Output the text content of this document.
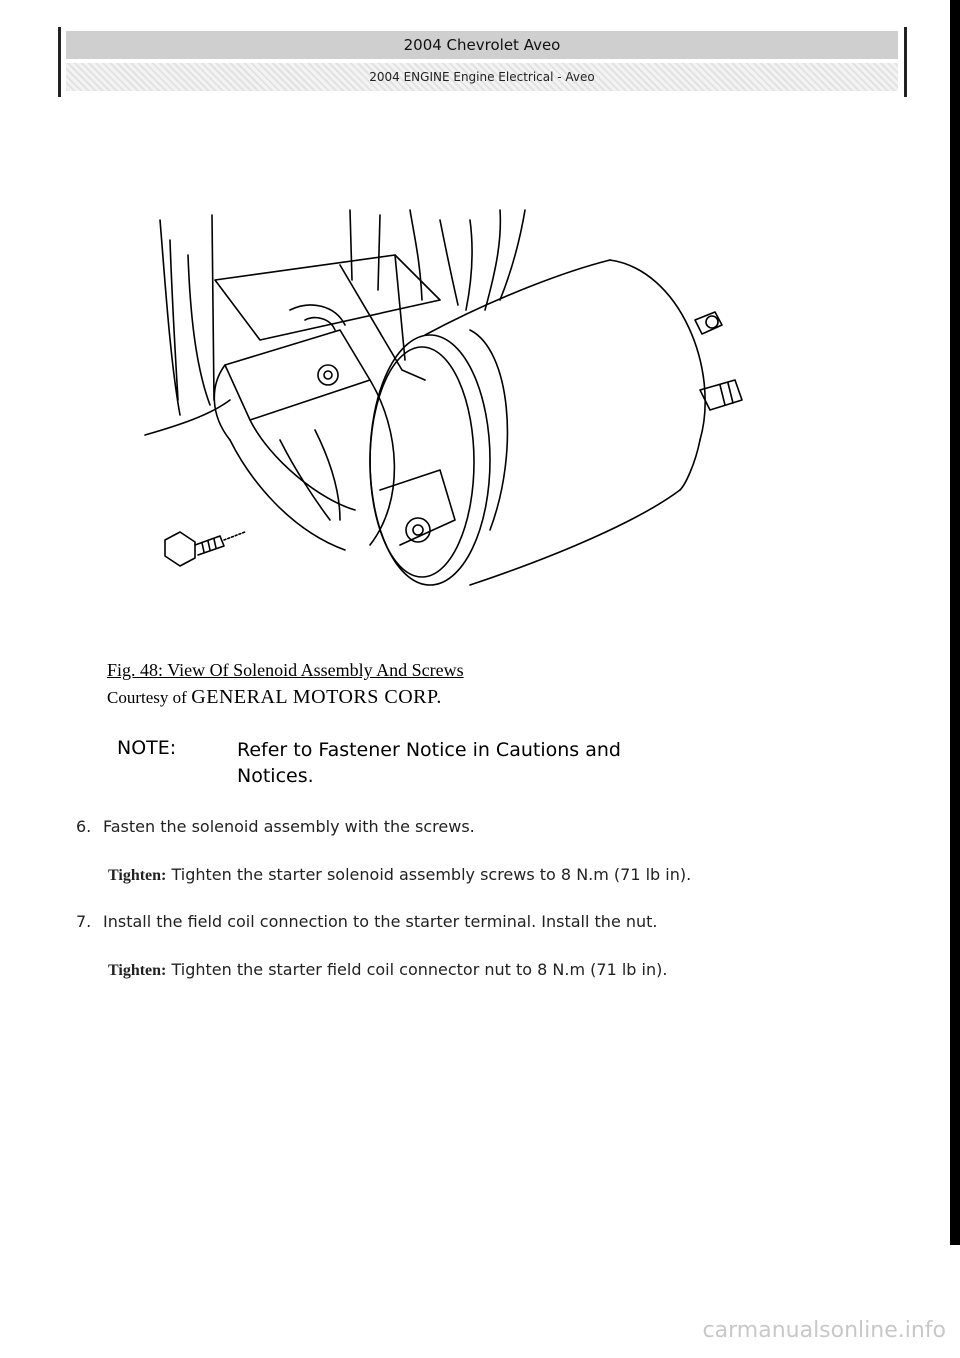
2004 Chevrolet Aveo
2004 ENGINE Engine Electrical - Aveo
Fig. 48: View Of Solenoid Assembly And Screws
Courtesy of GENERAL MOTORS CORP.
NOTE:	Refer to Fastener Notice in Cautions and Notices.
6. Fasten the solenoid assembly with the screws.
Tighten: Tighten the starter solenoid assembly screws to 8 N.m (71 lb in).
7. Install the field coil connection to the starter terminal. Install the nut.
Tighten: Tighten the starter field coil connector nut to 8 N.m (71 lb in).
carmanualsonline.info
